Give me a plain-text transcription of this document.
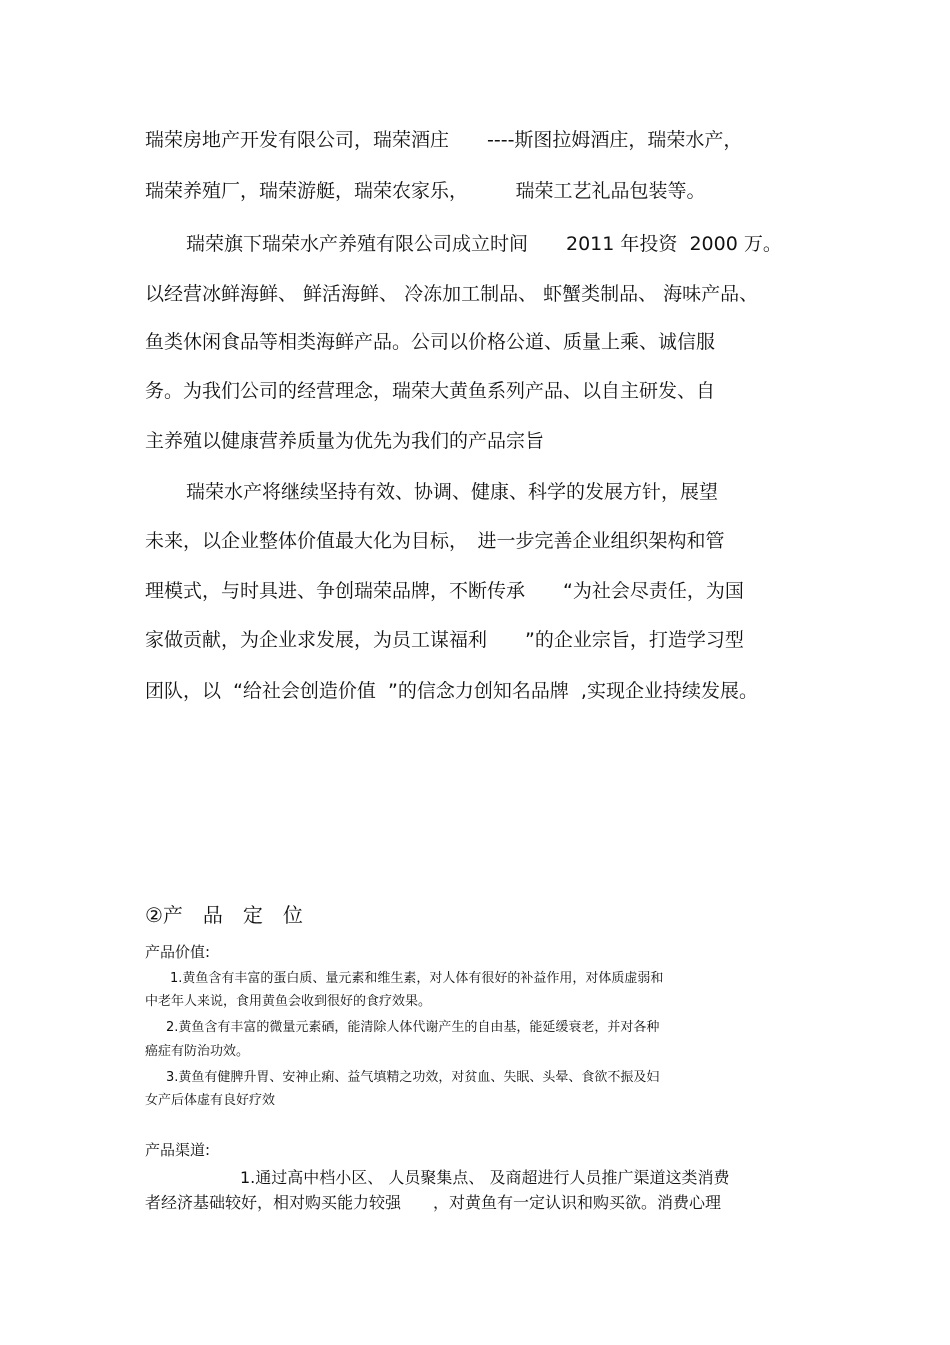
瑞荣房地产开发有限公司，瑞荣酒庄　　----斯图拉姆酒庄，瑞荣水产，
瑞荣养殖厂，瑞荣游艇，瑞荣农家乐，　　　瑞荣工艺礼品包装等。
瑞荣旗下瑞荣水产养殖有限公司成立时间　　2011 年投资  2000 万。
以经营冰鲜海鲜、 鲜活海鲜、 冷冻加工制品、 虾蟹类制品、 海味产品、
鱼类休闲食品等相类海鲜产品。公司以价格公道、质量上乘、诚信服
务。为我们公司的经营理念，瑞荣大黄鱼系列产品、以自主研发、自
主养殖以健康营养质量为优先为我们的产品宗旨
瑞荣水产将继续坚持有效、协调、健康、科学的发展方针，展望
未来，以企业整体价值最大化为目标，　进一步完善企业组织架构和管
理模式，与时具进、争创瑞荣品牌，不断传承　　“为社会尽责任，为国
家做贡献，为企业求发展，为员工谋福利　　”的企业宗旨，打造学习型
团队，以  “给社会创造价值  ”的信念力创知名品牌  ,实现企业持续发展。
②产　品　定　位
产品价值:
1.黄鱼含有丰富的蛋白质、量元素和维生素，对人体有很好的补益作用，对体质虚弱和
中老年人来说，食用黄鱼会收到很好的食疗效果。
2.黄鱼含有丰富的微量元素硒，能清除人体代谢产生的自由基，能延缓衰老，并对各种
癌症有防治功效。
3.黄鱼有健脾升胃、安神止痢、益气填精之功效，对贫血、失眠、头晕、食欲不振及妇
女产后体虚有良好疗效
产品渠道:
1.通过高中档小区、 人员聚集点、 及商超进行人员推广渠道这类消费
者经济基础较好，相对购买能力较强　　，对黄鱼有一定认识和购买欲。消费心理
